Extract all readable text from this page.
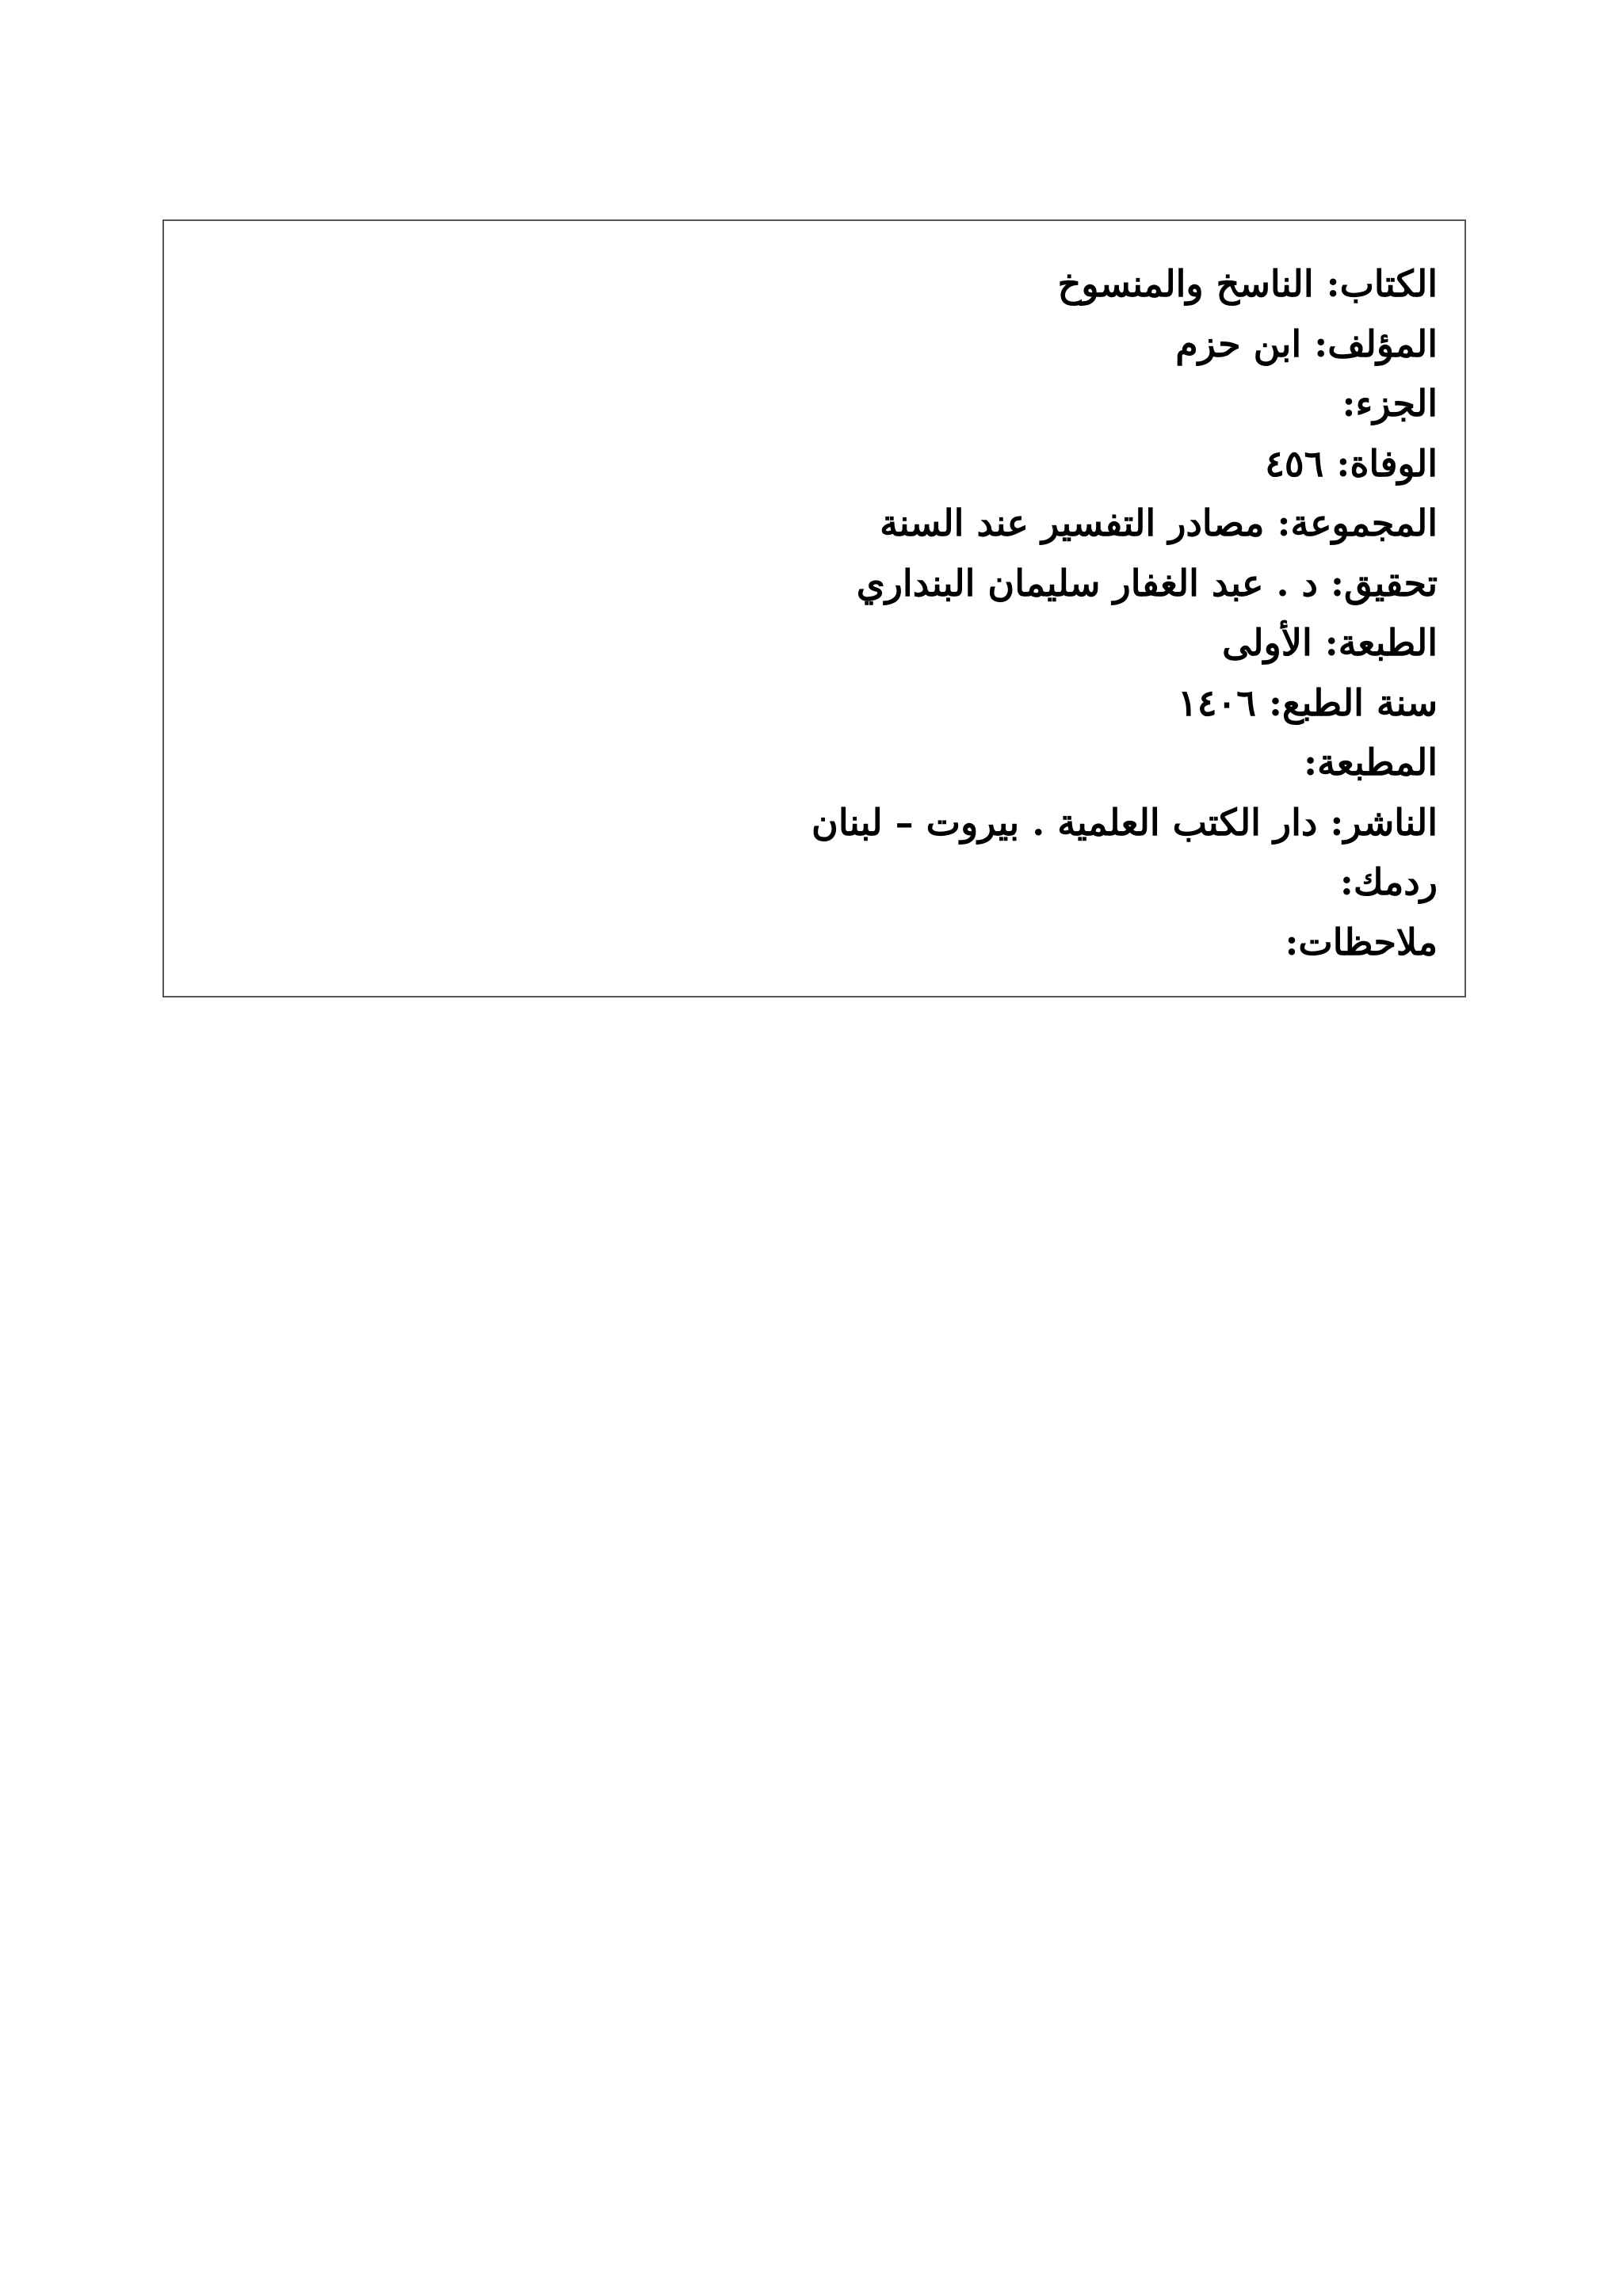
الكتاب: الناسخ والمنسوخ
المؤلف: ابن حزم
الجزء:
الوفاة: ٤٥٦
المجموعة: مصادر التفسير عند السنة
تحقيق: د . عبد الغفار سليمان البنداري
الطبعة: الأولى
سنة الطبع: ١٤٠٦
المطبعة:
الناشر: دار الكتب العلمية . بيروت – لبنان
ردمك:
ملاحظات:
